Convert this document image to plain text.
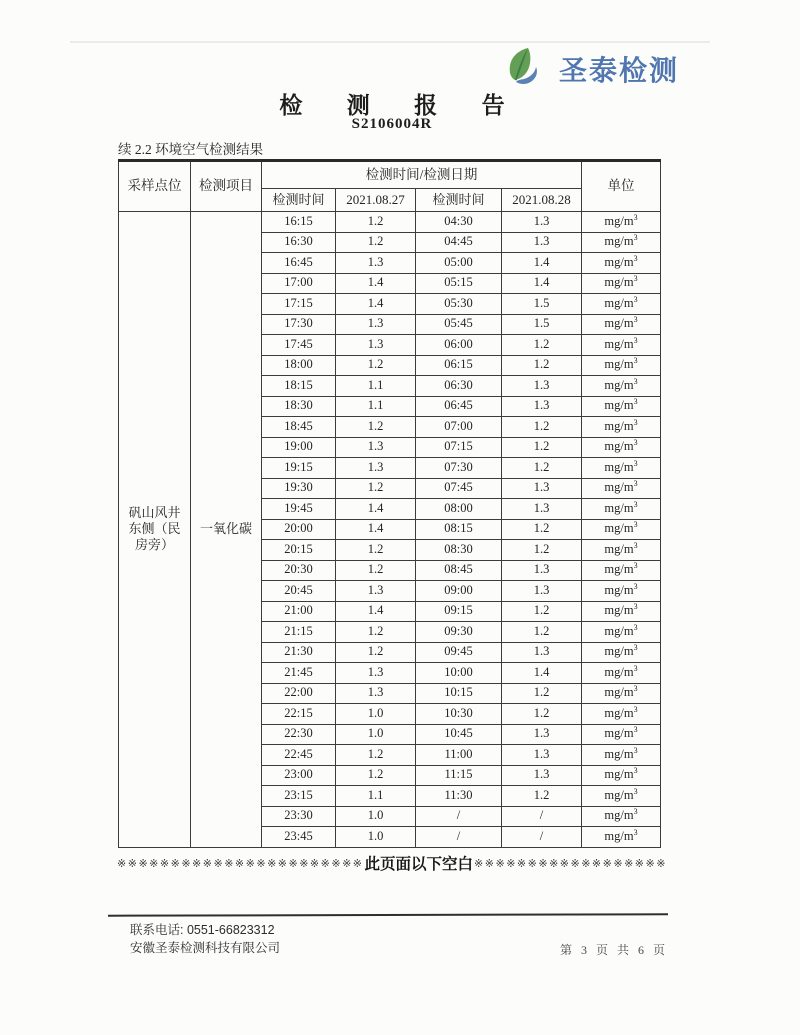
圣泰检测
检 测 报 告
S2106004R
续 2.2 环境空气检测结果
采样点位	检测项目	检测时间/检测日期				单位
		检测时间	2021.08.27	检测时间	2021.08.28	

矾山风井
东侧（民
房旁）	一氧化碳	16:15	1.2	04:30	1.3	$mg/m^3$
		16:30	1.2	04:45	1.3	$mg/m^3$
		16:45	1.3	05:00	1.4	$mg/m^3$
		17:00	1.4	05:15	1.4	$mg/m^3$
		17:15	1.4	05:30	1.5	$mg/m^3$
		17:30	1.3	05:45	1.5	$mg/m^3$
		17:45	1.3	06:00	1.2	$mg/m^3$
		18:00	1.2	06:15	1.2	$mg/m^3$
		18:15	1.1	06:30	1.3	$mg/m^3$
		18:30	1.1	06:45	1.3	$mg/m^3$
		18:45	1.2	07:00	1.2	$mg/m^3$
		19:00	1.3	07:15	1.2	$mg/m^3$
		19:15	1.3	07:30	1.2	$mg/m^3$
		19:30	1.2	07:45	1.3	$mg/m^3$
		19:45	1.4	08:00	1.3	$mg/m^3$
		20:00	1.4	08:15	1.2	$mg/m^3$
		20:15	1.2	08:30	1.2	$mg/m^3$
		20:30	1.2	08:45	1.3	$mg/m^3$
		20:45	1.3	09:00	1.3	$mg/m^3$
		21:00	1.4	09:15	1.2	$mg/m^3$
		21:15	1.2	09:30	1.2	$mg/m^3$
		21:30	1.2	09:45	1.3	$mg/m^3$
		21:45	1.3	10:00	1.4	$mg/m^3$
		22:00	1.3	10:15	1.2	$mg/m^3$
		22:15	1.0	10:30	1.2	$mg/m^3$
		22:30	1.0	10:45	1.3	$mg/m^3$
		22:45	1.2	11:00	1.3	$mg/m^3$
		23:00	1.2	11:15	1.3	$mg/m^3$
		23:15	1.1	11:30	1.2	$mg/m^3$
		23:30	1.0	/	/	$mg/m^3$
		23:45	1.0	/	/	$mg/m^3$
※※※※※※※※※※※※※※※※※※※※※※※ 此页面以下空白 ※※※※※※※※※※※※※※※※※※
联系电话: 0551-66823312
安徽圣泰检测科技有限公司	第 3 页 共 6 页
